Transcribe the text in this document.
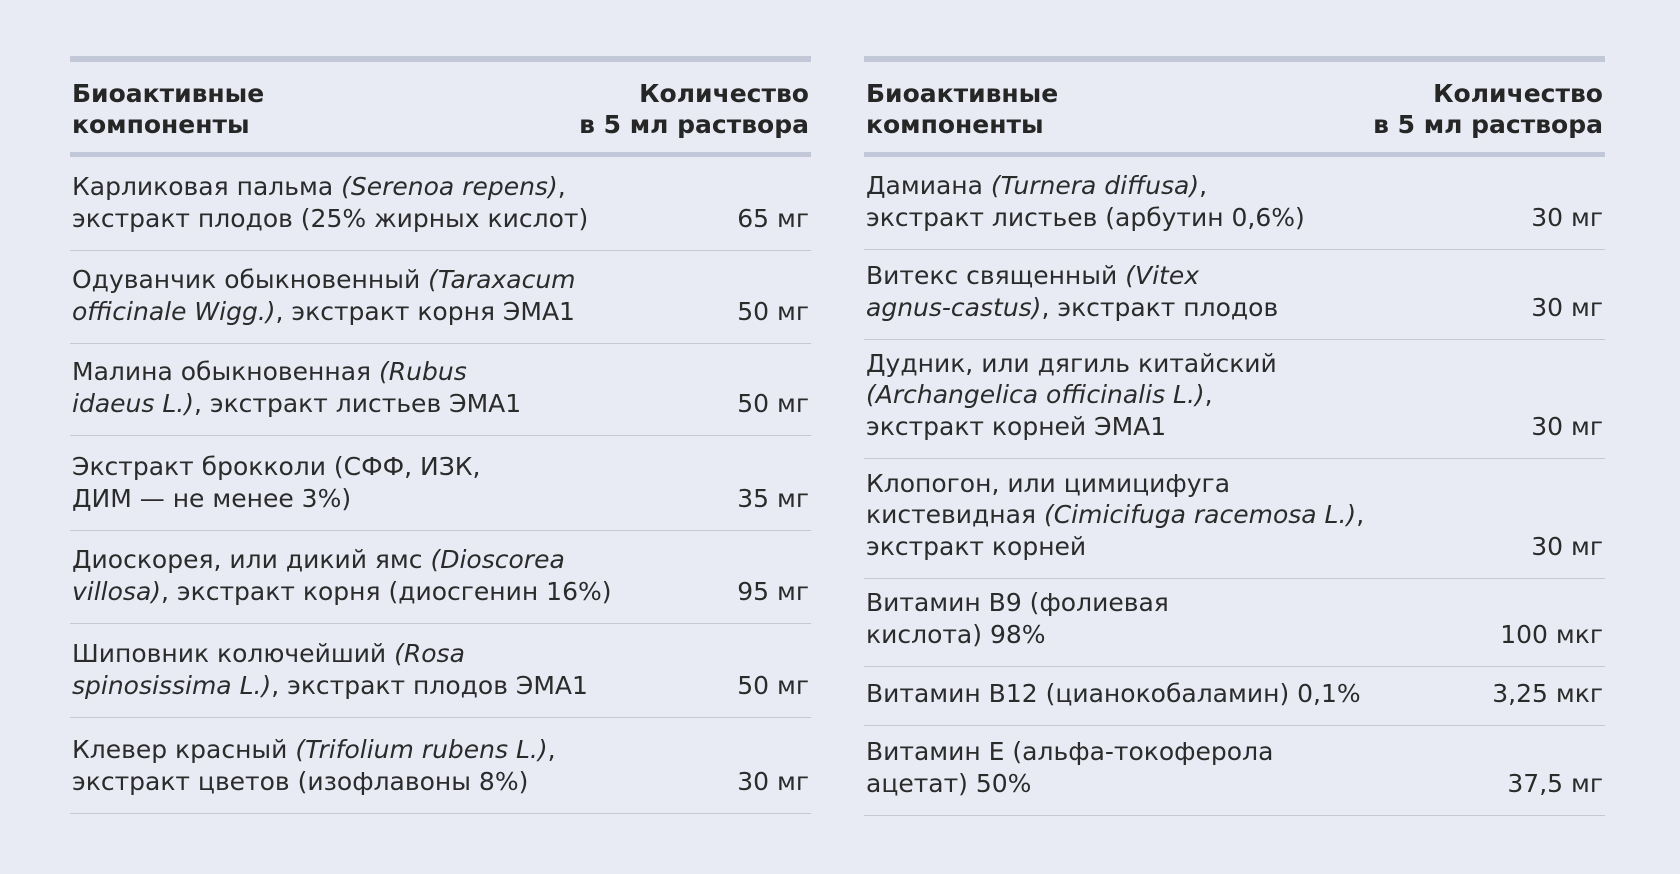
Биоактивные
компоненты
Количество
в 5 мл раствора
Карликовая пальма (Serenoa repens),
экстракт плодов (25% жирных кислот)	65 мг
Одуванчик обыкновенный (Taraxacum
officinale Wigg.), экстракт корня ЭМА1	50 мг
Малина обыкновенная (Rubus
idaeus L.), экстракт листьев ЭМА1	50 мг
Экстракт брокколи (СФФ, ИЗК,
ДИМ — не менее 3%)	35 мг
Диоскорея, или дикий ямс (Dioscorea
villosa), экстракт корня (диосгенин 16%)	95 мг
Шиповник колючейший (Rosa
spinosissima L.), экстракт плодов ЭМА1	50 мг
Клевер красный (Trifolium rubens L.),
экстракт цветов (изофлавоны 8%)	30 мг
Биоактивные
компоненты
Количество
в 5 мл раствора
Дамиана (Turnera diffusa),
экстракт листьев (арбутин 0,6%)	30 мг
Витекс священный (Vitex
agnus-castus), экстракт плодов	30 мг
Дудник, или дягиль китайский
(Archangelica officinalis L.),
экстракт корней ЭМА1	30 мг
Клопогон, или цимицифуга
кистевидная (Cimicifuga racemosa L.),
экстракт корней	30 мг
Витамин В9 (фолиевая
кислота) 98%	100 мкг
Витамин В12 (цианокобаламин) 0,1%	3,25 мкг
Витамин Е (альфа-токоферола
ацетат) 50%	37,5 мг
